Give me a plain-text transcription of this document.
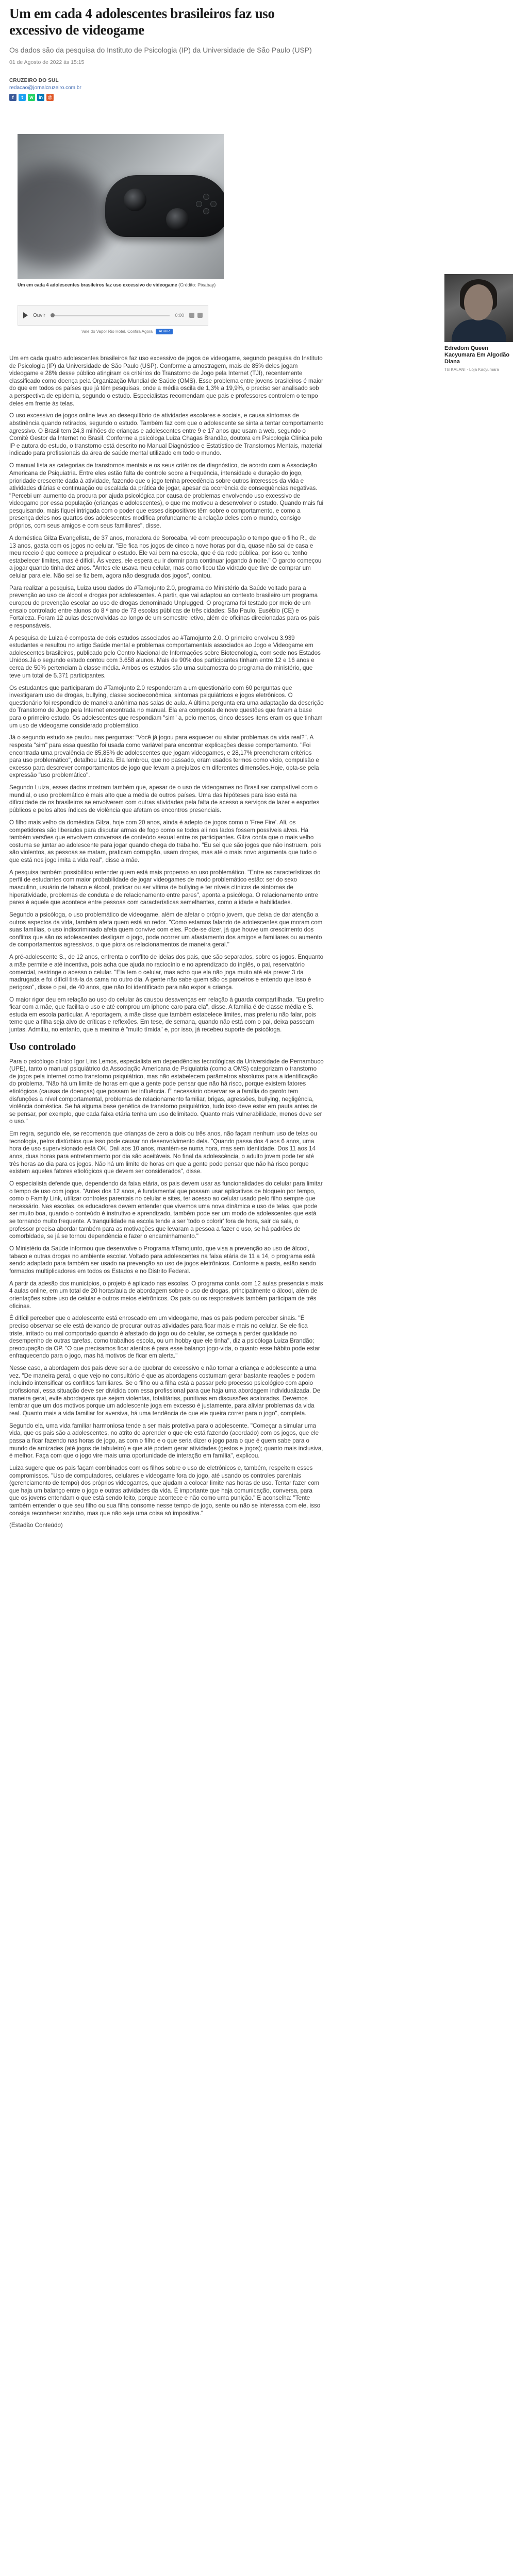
Um em cada 4 adolescentes brasileiros faz uso excessivo de videogame
Os dados são da pesquisa do Instituto de Psicologia (IP) da Universidade de São Paulo (USP)
01 de Agosto de 2022 às 15:15
CRUZEIRO DO SUL
redacao@jornalcruzeiro.com.br
f	t	w	in	@
Um em cada 4 adolescentes brasileiros faz uso excessivo de videogame (Crédito: Pixabay)
Ouvir	0:00
Vale do Vapor Rio Hotel. Confira Agora	ABRIR

Um em cada quatro adolescentes brasileiros faz uso excessivo de jogos de videogame, segundo pesquisa do Instituto de Psicologia (IP) da Universidade de São Paulo (USP). Conforme a amostragem, mais de 85% deles jogam videogame e 28% desse público atingiram os critérios do Transtorno de Jogo pela Internet (TJI), recentemente classificado como doença pela Organização Mundial de Saúde (OMS). Esse problema entre jovens brasileiros é maior do que em todos os países que já têm pesquisas, onde a média oscila de 1,3% a 19,9%, o preciso ser analisado sob a perspectiva de epidemia, segundo o estudo. Especialistas recomendam que pais e professores controlem o tempo deles em frente às telas.

O uso excessivo de jogos online leva ao desequilíbrio de atividades escolares e sociais, e causa síntomas de abstinência quando retirados, segundo o estudo. Também faz com que o adolescente se sinta a tentar comportamento agressivo. O Brasil tem 24,3 milhões de crianças e adolescentes entre 9 e 17 anos que usam a web, segundo o Comitê Gestor da Internet no Brasil. Conforme a psicóloga Luiza Chagas Brandão, doutora em Psicologia Clínica pelo IP e autora do estudo, o transtorno está descrito no Manual Diagnóstico e Estatístico de Transtornos Mentais, material indicado para profissionais da área de saúde mental utilizado em todo o mundo.

O manual lista as categorias de transtornos mentais e os seus critérios de diagnóstico, de acordo com a Associação Americana de Psiquiatria. Entre eles estão falta de controle sobre a frequência, intensidade e duração do jogo, prioridade crescente dada à atividade, fazendo que o jogo tenha precedência sobre outros interesses da vida e atividades diárias e continuação ou escalada da prática de jogar, apesar da ocorrência de consequências negativas. "Percebi um aumento da procura por ajuda psicológica por causa de problemas envolvendo uso excessivo de videogame por essa população (crianças e adolescentes), o que me motivou a desenvolver o estudo. Quando mais fui pesquisando, mais fiquei intrigada com o poder que esses dispositivos têm sobre o comportamento, e como a presença deles nos quartos dos adolescentes modifica profundamente a relação deles com o mundo, consigo próprios, com seus amigos e com seus familiares", disse.

A doméstica Gilza Evangelista, de 37 anos, moradora de Sorocaba, vê com preocupação o tempo que o filho R., de 13 anos, gasta com os jogos no celular. "Ele fica nos jogos de cinco a nove horas por dia, quase não sai de casa e meu receio é que comece a prejudicar o estudo. Ele vai bem na escola, que é da rede pública, por isso eu tenho estabelecer limites, mas é difícil. Às vezes, ele espera eu ir dormir para continuar jogando à noite." O garoto começou a jogar quando tinha dez anos. "Antes ele usava meu celular, mas como ficou tão vidrado que tive de comprar um celular para ele. Não sei se fiz bem, agora não desgruda dos jogos", contou.

Para realizar a pesquisa, Luiza usou dados do #Tamojunto 2.0, programa do Ministério da Saúde voltado para a prevenção ao uso de álcool e drogas por adolescentes. A partir, que vai adaptou ao contexto brasileiro um programa europeu de prevenção escolar ao uso de drogas denominado Unplugged. O programa foi testado por meio de um ensaio controlado entre alunos do 8 º ano de 73 escolas públicas de três cidades: São Paulo, Eusébio (CE) e Fortaleza. Foram 12 aulas desenvolvidas ao longo de um semestre letivo, além de oficinas direcionadas para os pais e responsáveis.

A pesquisa de Luiza é composta de dois estudos associados ao #Tamojunto 2.0. O primeiro envolveu 3.939 estudantes e resultou no artigo Saúde mental e problemas comportamentais associados ao Jogo e Videogame em adolescentes brasileiros, publicado pelo Centro Nacional de Informações sobre Biotecnologia, com sede nos Estados Unidos.Já o segundo estudo contou com 3.658 alunos. Mais de 90% dos participantes tinham entre 12 e 16 anos e cerca de 50% pertenciam à classe média. Ambos os estudos são uma subamostra do programa do ministério, que teve um total de 5.371 participantes.

Os estudantes que participaram do #Tamojunto 2.0 responderam a um questionário com 60 perguntas que investigaram uso de drogas, bullying, classe socioeconômica, sintomas psiquiátricos e jogos eletrônicos. O questionário foi respondido de maneira anônima nas salas de aula. A última pergunta era uma adaptação da descrição do Transtorno de Jogo pela Internet encontrada no manual. Ela era composta de nove questões que foram a base para o primeiro estudo. Os adolescentes que respondiam "sim" a, pelo menos, cinco desses itens eram os que tinham um uso de videogame considerado problemático.

Já o segundo estudo se pautou nas perguntas: "Você já jogou para esquecer ou aliviar problemas da vida real?". A resposta "sim" para essa questão foi usada como variável para encontrar explicações desse comportamento. "Foi encontrada uma prevalência de 85,85% de adolescentes que jogam videogames, e 28,17% preencheram critérios para uso problemático", detalhou Luiza. Ela lembrou, que no passado, eram usados termos como vício, compulsão e excesso para descrever comportamentos de jogo que levam a prejuízos em diferentes dimensões.Hoje, opta-se pela expressão "uso problemático".

Segundo Luiza, esses dados mostram também que, apesar de o uso de videogames no Brasil ser compatível com o mundial, o uso problemático é mais alto que a média de outros países. Uma das hipóteses para isso está na dificuldade de os brasileiros se envolverem com outras atividades pela falta de acesso a serviços de lazer e esportes públicos e pelos altos índices de violência que afetam os encontros presenciais.

O filho mais velho da doméstica Gilza, hoje com 20 anos, ainda é adepto de jogos como o 'Free Fire'. Ali, os competidores são liberados para disputar armas de fogo como se todos ali nos lados fossem possíveis alvos. Há também versões que envolvem conversas de conteúdo sexual entre os participantes. Gilza conta que o mais velho costuma se juntar ao adolescente para jogar quando chega do trabalho. "Eu sei que são jogos que não instruem, pois são violentos, as pessoas se matam, praticam corrupção, usam drogas, mas até o mais novo argumenta que tudo o que está nos jogo imita a vida real", disse a mãe.

A pesquisa também possibilitou entender quem está mais propenso ao uso problemático. "Entre as características do perfil de estudantes com maior probabilidade de jogar videogames de modo problemático estão: ser do sexo masculino, usuário de tabaco e álcool, praticar ou ser vítima de bullying e ter níveis clínicos de sintomas de hiperatividade, problemas de conduta e de relacionamento entre pares", aponta a psicóloga. O relacionamento entre pares é aquele que acontece entre pessoas com características semelhantes, como a idade e habilidades.

Segundo a psicóloga, o uso problemático de videogame, além de afetar o próprio jovem, que deixa de dar atenção a outros aspectos da vida, também afeta quem está ao redor. "Como estamos falando de adolescentes que moram com suas famílias, o uso indiscriminado afeta quem convive com eles. Pode-se dizer, já que houve um crescimento dos conflitos que são os adolescentes desligam o jogo, pode ocorrer um afastamento dos amigos e familiares ou aumento de comportamentos agressivos, o que piora os relacionamentos de maneira geral."

A pré-adolescente S., de 12 anos, enfrenta o conflito de ideias dos pais, que são separados, sobre os jogos. Enquanto a mãe permite e até incentiva, pois acha que ajuda no raciocínio e no aprendizado do inglês, o pai, reservatório comercial, restringe o acesso o celular. "Ela tem o celular, mas acho que ela não joga muito até ela prever 3 da madrugada e foi difícil tirá-la da cama no outro dia. A gente não sabe quem são os parceiros e entendo que isso é perigoso", disse o pai, de 40 anos, que não foi identificado para não expor a criança.

O maior rigor deu em relação ao uso do celular às causou desavenças em relação à guarda compartilhada. "Eu prefiro ficar com a mãe, que facilita o uso e até comprou um iphone caro para ela", disse. A família é de classe média e S. estuda em escola particular. A reportagem, a mãe disse que também estabelece limites, mas preferiu não falar, pois teme que a filha seja alvo de críticas e reflexões. Em tese, de semana, quando não está com o pai, deixa passeam juntas. Admitiu, no entanto, que a menina é "muito tímida" e, por isso, já recebeu suporte de psicóloga.

Uso controlado

Para o psicólogo clínico Igor Lins Lemos, especialista em dependências tecnológicas da Universidade de Pernambuco (UPE), tanto o manual psiquiátrico da Associação Americana de Psiquiatria (como a OMS) categorizam o transtorno de jogos pela internet como transtorno psiquiátrico, mas não estabelecem parâmetros absolutos para a identificação do problema. "Não há um limite de horas em que a gente pode pensar que não há risco, porque existem fatores etiológicos (causas de doenças) que possam ter influência. É necessário observar se a família do garoto tem disfunções a nível comportamental, problemas de relacionamento familiar, brigas, agressões, bullying, negligência, violência doméstica. Se há alguma base genética de transtorno psiquiátrico, tudo isso deve estar em pauta antes de se pensar, por exemplo, que cada faixa etária tenha um uso delimitado. Quanto mais vulnerabilidade, menos deve ser o uso."

Em regra, segundo ele, se recomenda que crianças de zero a dois ou três anos, não façam nenhum uso de telas ou tecnologia, pelos distúrbios que isso pode causar no desenvolvimento dela. "Quando passa dos 4 aos 6 anos, uma hora de uso supervisionado está OK. Dali aos 10 anos, mantém-se numa hora, mas sem identidade. Dos 11 aos 14 anos, duas horas para entretenimento por dia são aceitáveis. No final da adolescência, o adulto jovem pode ter até três horas ao dia para os jogos. Não há um limite de horas em que a gente pode pensar que não há risco porque existem aqueles fatores etiológicos que devem ser considerados", disse.

O especialista defende que, dependendo da faixa etária, os pais devem usar as funcionalidades do celular para limitar o tempo de uso com jogos. "Antes dos 12 anos, é fundamental que possam usar aplicativos de bloqueio por tempo, como o Family Link, utilizar controles parentais no celular e sites, ter acesso ao celular usado pelo filho sempre que necessário. Nas escolas, os educadores devem entender que vivemos uma nova dinâmica e uso de telas, que pode ser muito boa, quando o conteúdo é instrutivo e aprendizado, também pode ser um modo de adolescentes que está se tornando muito frequente. A tranquilidade na escola tende a ser 'todo o colorir' fora de hora, sair da sala, o professor precisa abordar também para as motivações que levaram a pessoa a fazer o uso, se há padrões de comorbidade, se já se tornou dependência e fazer o encaminhamento."

O Ministério da Saúde informou que desenvolve o Programa #Tamojunto, que visa a prevenção ao uso de álcool, tabaco e outras drogas no ambiente escolar. Voltado para adolescentes na faixa etária de 11 a 14, o programa está sendo adaptado para também ser usado na prevenção ao uso de jogos eletrônicos. Conforme a pasta, estão sendo formados multiplicadores em todos os Estados e no Distrito Federal.

A partir da adesão dos municípios, o projeto é aplicado nas escolas. O programa conta com 12 aulas presenciais mais 4 aulas online, em um total de 20 horas/aula de abordagem sobre o uso de drogas, principalmente o álcool, além de orientações sobre uso de celular e outros meios eletrônicos. Os pais ou os responsáveis também participam de três oficinas.

É difícil perceber que o adolescente está enroscado em um videogame, mas os pais podem perceber sinais. "É preciso observar se ele está deixando de procurar outras atividades para ficar mais e mais no celular. Se ele fica triste, irritado ou mal comportado quando é afastado do jogo ou do celular, se começa a perder qualidade no desempenho de outras tarefas, como trabalhos escola, ou um hobby que ele tinha", diz a psicóloga Luiza Brandão; preocupação da OP. "O que precisamos ficar atentos é para esse balanço jogo-vida, o quanto esse hábito pode estar enfraquecendo para o jogo, mas há motivos de ficar em alerta."

Nesse caso, a abordagem dos pais deve ser a de quebrar do excessivo e não tornar a criança e adolescente a uma vez. "De maneira geral, o que vejo no consultório é que as abordagens costumam gerar bastante reações e podem incluindo intensificar os conflitos familiares. Se o filho ou a filha está a passar pelo processo psicológico com apoio profissional, essa situação deve ser dividida com essa profissional para que haja uma abordagem individualizada. De maneira geral, evite abordagens que sejam violentas, totalitárias, punitivas em discussões acaloradas. Devemos lembrar que um dos motivos porque um adolescente joga em excesso é justamente, para aliviar problemas da vida real. Quanto mais a vida familiar for aversiva, há uma tendência de que ele queira correr para o jogo", completa.

Segundo ela, uma vida familiar harmoniosa tende a ser mais protetiva para o adolescente. "Começar a simular uma vida, que os pais são a adolescentes, no atrito de aprender o que ele está fazendo (acordado) com os jogos, que ele passa a ficar fazendo nas horas de jogo, as com o filho e o que seria dizer o jogo para o que é quem sabe para o mundo de amizades (até jogos de tabuleiro) e que até podem gerar atividades (gestos e jogos); quanto mais inclusiva, é melhor. Faça com que o jogo vire mais uma oportunidade de interação em família", explicou.

Luiza sugere que os pais façam combinados com os filhos sobre o uso de eletrônicos e, também, respeitem esses compromissos. "Uso de computadores, celulares e videogame fora do jogo, até usando os controles parentais (gerenciamento de tempo) dos próprios videogames, que ajudam a colocar limite nas horas de uso. Tentar fazer com que haja um balanço entre o jogo e outras atividades da vida. É importante que haja comunicação, conversa, para que os jovens entendam o que está sendo feito, porque acontece e não como uma punição." E aconselha: "Tente também entender o que seu filho ou sua filha consome nesse tempo de jogo, sente ou não se interessa com ele, isso consiga reconhecer sozinho, mas que não seja uma coisa só impositiva."

(Estadão Conteúdo)
Edredom Queen Kacyumara Em Algodão Diana
TB KALANI · Loja Kacyumara
